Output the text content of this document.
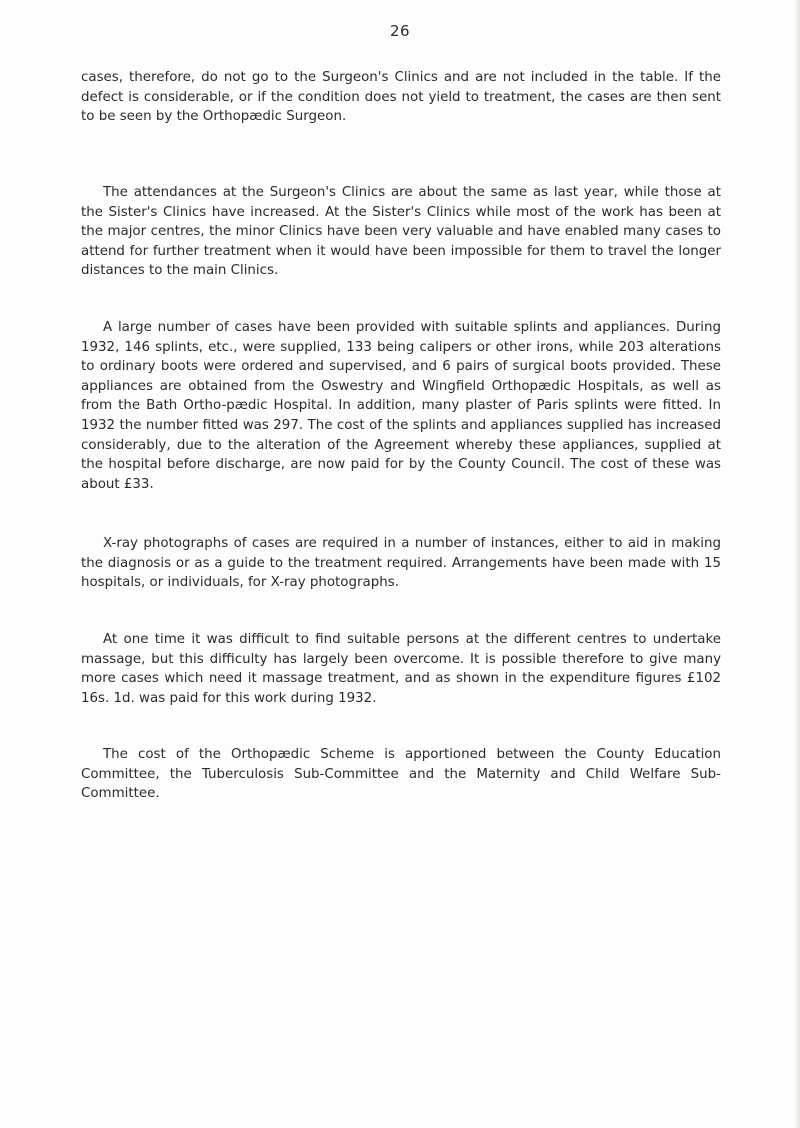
26

cases, therefore, do not go to the Surgeon's Clinics and are not included in the table. If the defect is considerable, or if the condition does not yield to treatment, the cases are then sent to be seen by the Orthopædic Surgeon.

The attendances at the Surgeon's Clinics are about the same as last year, while those at the Sister's Clinics have increased. At the Sister's Clinics while most of the work has been at the major centres, the minor Clinics have been very valuable and have enabled many cases to attend for further treatment when it would have been impossible for them to travel the longer distances to the main Clinics.

A large number of cases have been provided with suitable splints and appliances. During 1932, 146 splints, etc., were supplied, 133 being calipers or other irons, while 203 alterations to ordinary boots were ordered and supervised, and 6 pairs of surgical boots provided. These appliances are obtained from the Oswestry and Wingfield Orthopædic Hospitals, as well as from the Bath Ortho-pædic Hospital. In addition, many plaster of Paris splints were fitted. In 1932 the number fitted was 297. The cost of the splints and appliances supplied has increased considerably, due to the alteration of the Agreement whereby these appliances, supplied at the hospital before discharge, are now paid for by the County Council. The cost of these was about £33.

X-ray photographs of cases are required in a number of instances, either to aid in making the diagnosis or as a guide to the treatment required. Arrangements have been made with 15 hospitals, or individuals, for X-ray photographs.

At one time it was difficult to find suitable persons at the different centres to undertake massage, but this difficulty has largely been overcome. It is possible therefore to give many more cases which need it massage treatment, and as shown in the expenditure figures £102 16s. 1d. was paid for this work during 1932.

The cost of the Orthopædic Scheme is apportioned between the County Education Committee, the Tuberculosis Sub-Committee and the Maternity and Child Welfare Sub-Committee.
